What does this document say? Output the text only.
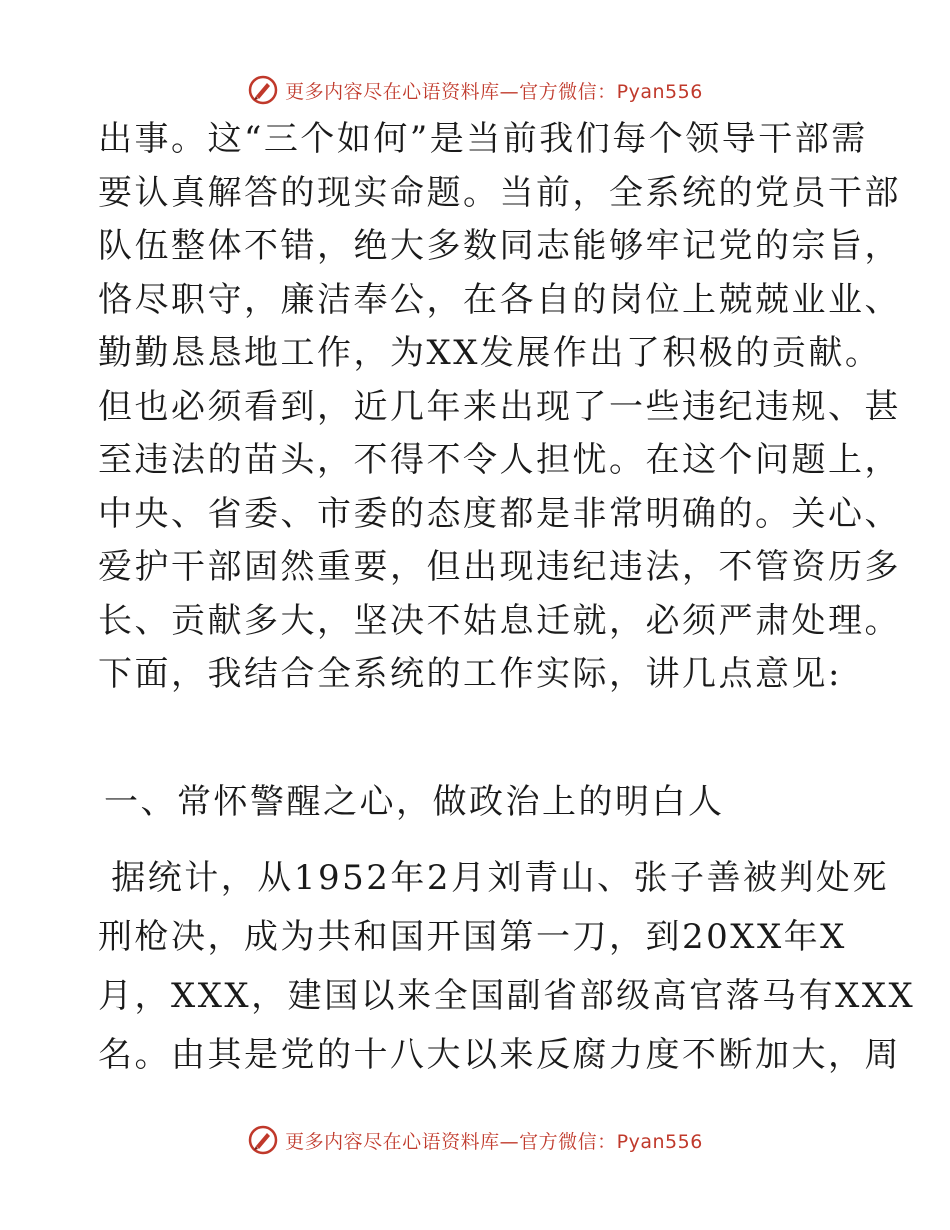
更多内容尽在心语资料库—官方微信：Pyan556
出事。这“三个如何”是当前我们每个领导干部需
要认真解答的现实命题。当前，全系统的党员干部
队伍整体不错，绝大多数同志能够牢记党的宗旨，
恪尽职守，廉洁奉公，在各自的岗位上兢兢业业、
勤勤恳恳地工作，为XX发展作出了积极的贡献。
但也必须看到，近几年来出现了一些违纪违规、甚
至违法的苗头，不得不令人担忧。在这个问题上，
中央、省委、市委的态度都是非常明确的。关心、
爱护干部固然重要，但出现违纪违法，不管资历多
长、贡献多大，坚决不姑息迁就，必须严肃处理。
下面，我结合全系统的工作实际，讲几点意见:
一、常怀警醒之心，做政治上的明白人
据统计，从1952年2月刘青山、张子善被判处死
刑枪决，成为共和国开国第一刀，到20XX年X
月，XXX，建国以来全国副省部级高官落马有XXX
名。由其是党的十八大以来反腐力度不断加大，周
更多内容尽在心语资料库—官方微信：Pyan556
